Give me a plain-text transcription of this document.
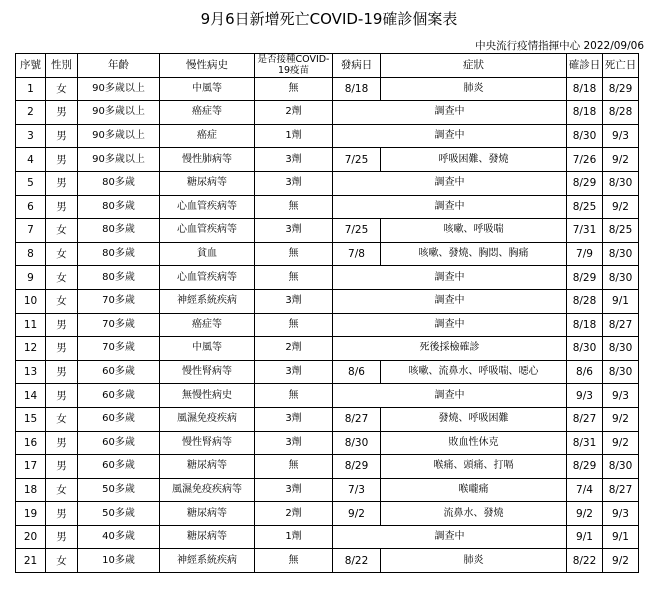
9月6日新增死亡COVID-19確診個案表
中央流行疫情指揮中心 2022/09/06
序號	性別	年齡	慢性病史	是否接種COVID-19疫苗	發病日	症狀	確診日	死亡日
1	女	90多歲以上	中風等	無	8/18	肺炎	8/18	8/29
2	男	90多歲以上	癌症等	2劑	調查中		8/18	8/28
3	男	90多歲以上	癌症	1劑	調查中		8/30	9/3
4	男	90多歲以上	慢性肺病等	3劑	7/25	呼吸困難、發燒	7/26	9/2
5	男	80多歲	糖尿病等	3劑	調查中		8/29	8/30
6	男	80多歲	心血管疾病等	無	調查中		8/25	9/2
7	女	80多歲	心血管疾病等	3劑	7/25	咳嗽、呼吸喘	7/31	8/25
8	女	80多歲	貧血	無	7/8	咳嗽、發燒、胸悶、胸痛	7/9	8/30
9	女	80多歲	心血管疾病等	無	調查中		8/29	8/30
10	女	70多歲	神經系統疾病	3劑	調查中		8/28	9/1
11	男	70多歲	癌症等	無	調查中		8/18	8/27
12	男	70多歲	中風等	2劑	死後採檢確診		8/30	8/30
13	男	60多歲	慢性腎病等	3劑	8/6	咳嗽、流鼻水、呼吸喘、噁心	8/6	8/30
14	男	60多歲	無慢性病史	無	調查中		9/3	9/3
15	女	60多歲	風濕免疫疾病	3劑	8/27	發燒、呼吸困難	8/27	9/2
16	男	60多歲	慢性腎病等	3劑	8/30	敗血性休克	8/31	9/2
17	男	60多歲	糖尿病等	無	8/29	喉痛、頭痛、打嗝	8/29	8/30
18	女	50多歲	風濕免疫疾病等	3劑	7/3	喉嚨痛	7/4	8/27
19	男	50多歲	糖尿病等	2劑	9/2	流鼻水、發燒	9/2	9/3
20	男	40多歲	糖尿病等	1劑	調查中		9/1	9/1
21	女	10多歲	神經系統疾病	無	8/22	肺炎	8/22	9/2
